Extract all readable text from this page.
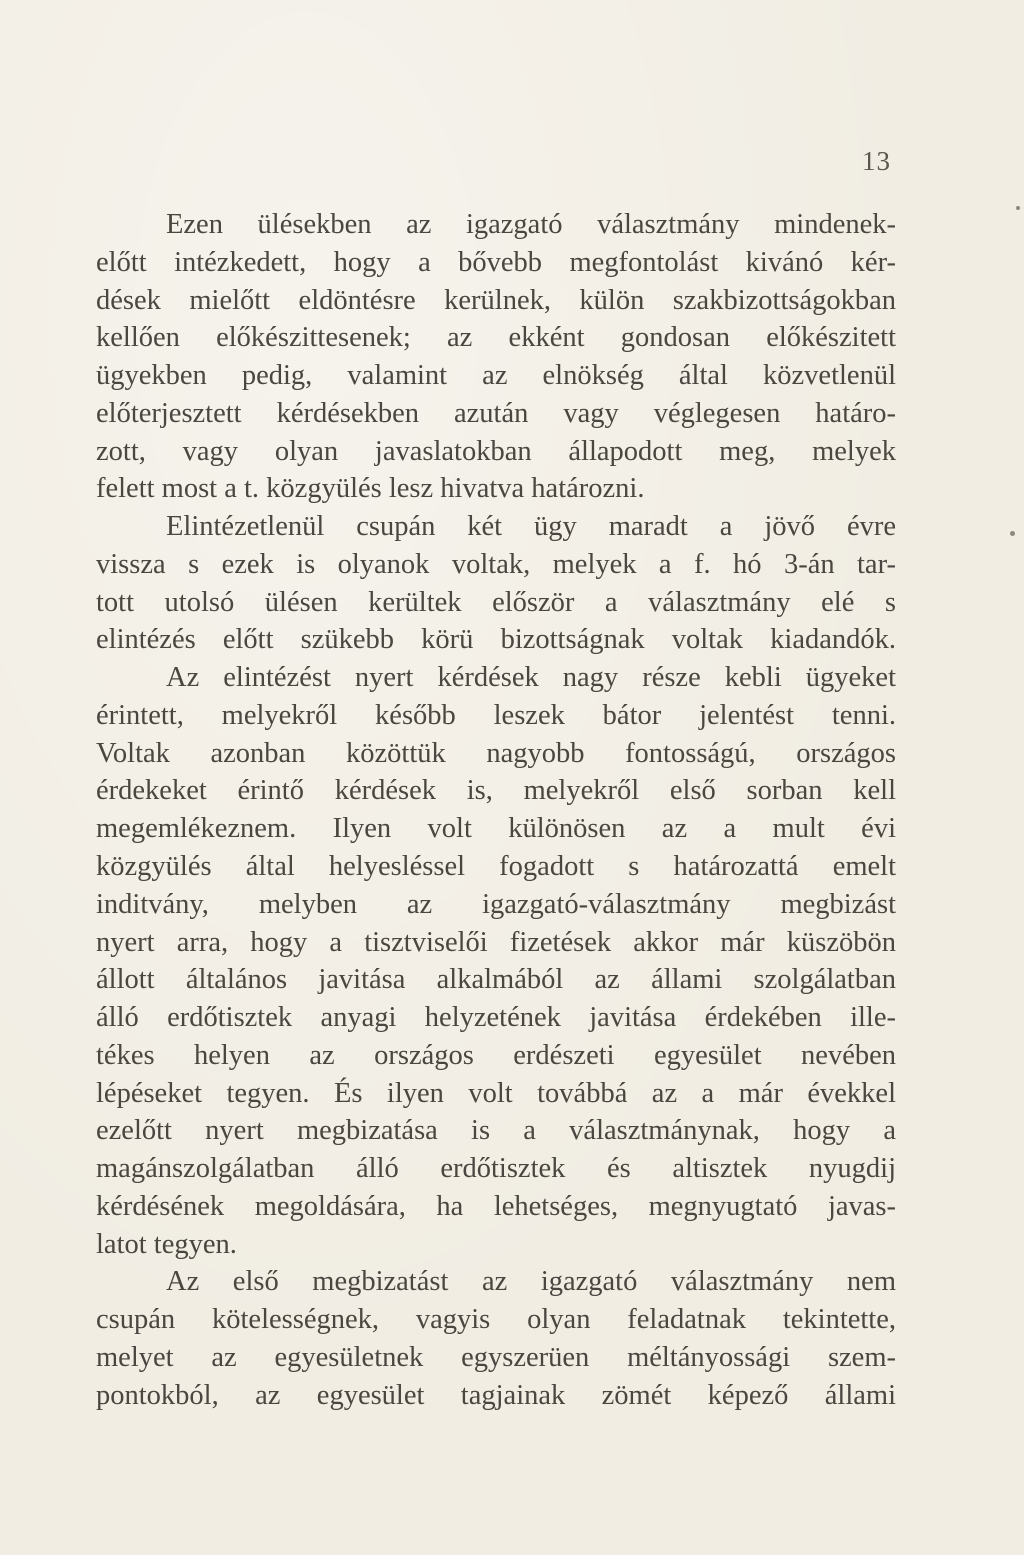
13
Ezen ülésekben az igazgató választmány mindenek-
előtt intézkedett, hogy a bővebb megfontolást kivánó kér-
dések mielőtt eldöntésre kerülnek, külön szakbizottságokban
kellően előkészittesenek; az ekként gondosan előkészitett
ügyekben pedig, valamint az elnökség által közvetlenül
előterjesztett kérdésekben azután vagy véglegesen határo-
zott, vagy olyan javaslatokban állapodott meg, melyek
felett most a t. közgyülés lesz hivatva határozni.
Elintézetlenül csupán két ügy maradt a jövő évre
vissza s ezek is olyanok voltak, melyek a f. hó 3-án tar-
tott utolsó ülésen kerültek először a választmány elé s
elintézés előtt szükebb körü bizottságnak voltak kiadandók.
Az elintézést nyert kérdések nagy része kebli ügyeket
érintett, melyekről később leszek bátor jelentést tenni.
Voltak azonban közöttük nagyobb fontosságú, országos
érdekeket érintő kérdések is, melyekről első sorban kell
megemlékeznem. Ilyen volt különösen az a mult évi
közgyülés által helyesléssel fogadott s határozattá emelt
inditvány, melyben az igazgató-választmány megbizást
nyert arra, hogy a tisztviselői fizetések akkor már küszöbön
állott általános javitása alkalmából az állami szolgálatban
álló erdőtisztek anyagi helyzetének javitása érdekében ille-
tékes helyen az országos erdészeti egyesület nevében
lépéseket tegyen. És ilyen volt továbbá az a már évekkel
ezelőtt nyert megbizatása is a választmánynak, hogy a
magánszolgálatban álló erdőtisztek és altisztek nyugdij
kérdésének megoldására, ha lehetséges, megnyugtató javas-
latot tegyen.
Az első megbizatást az igazgató választmány nem
csupán kötelességnek, vagyis olyan feladatnak tekintette,
melyet az egyesületnek egyszerüen méltányossági szem-
pontokból, az egyesület tagjainak zömét képező állami
